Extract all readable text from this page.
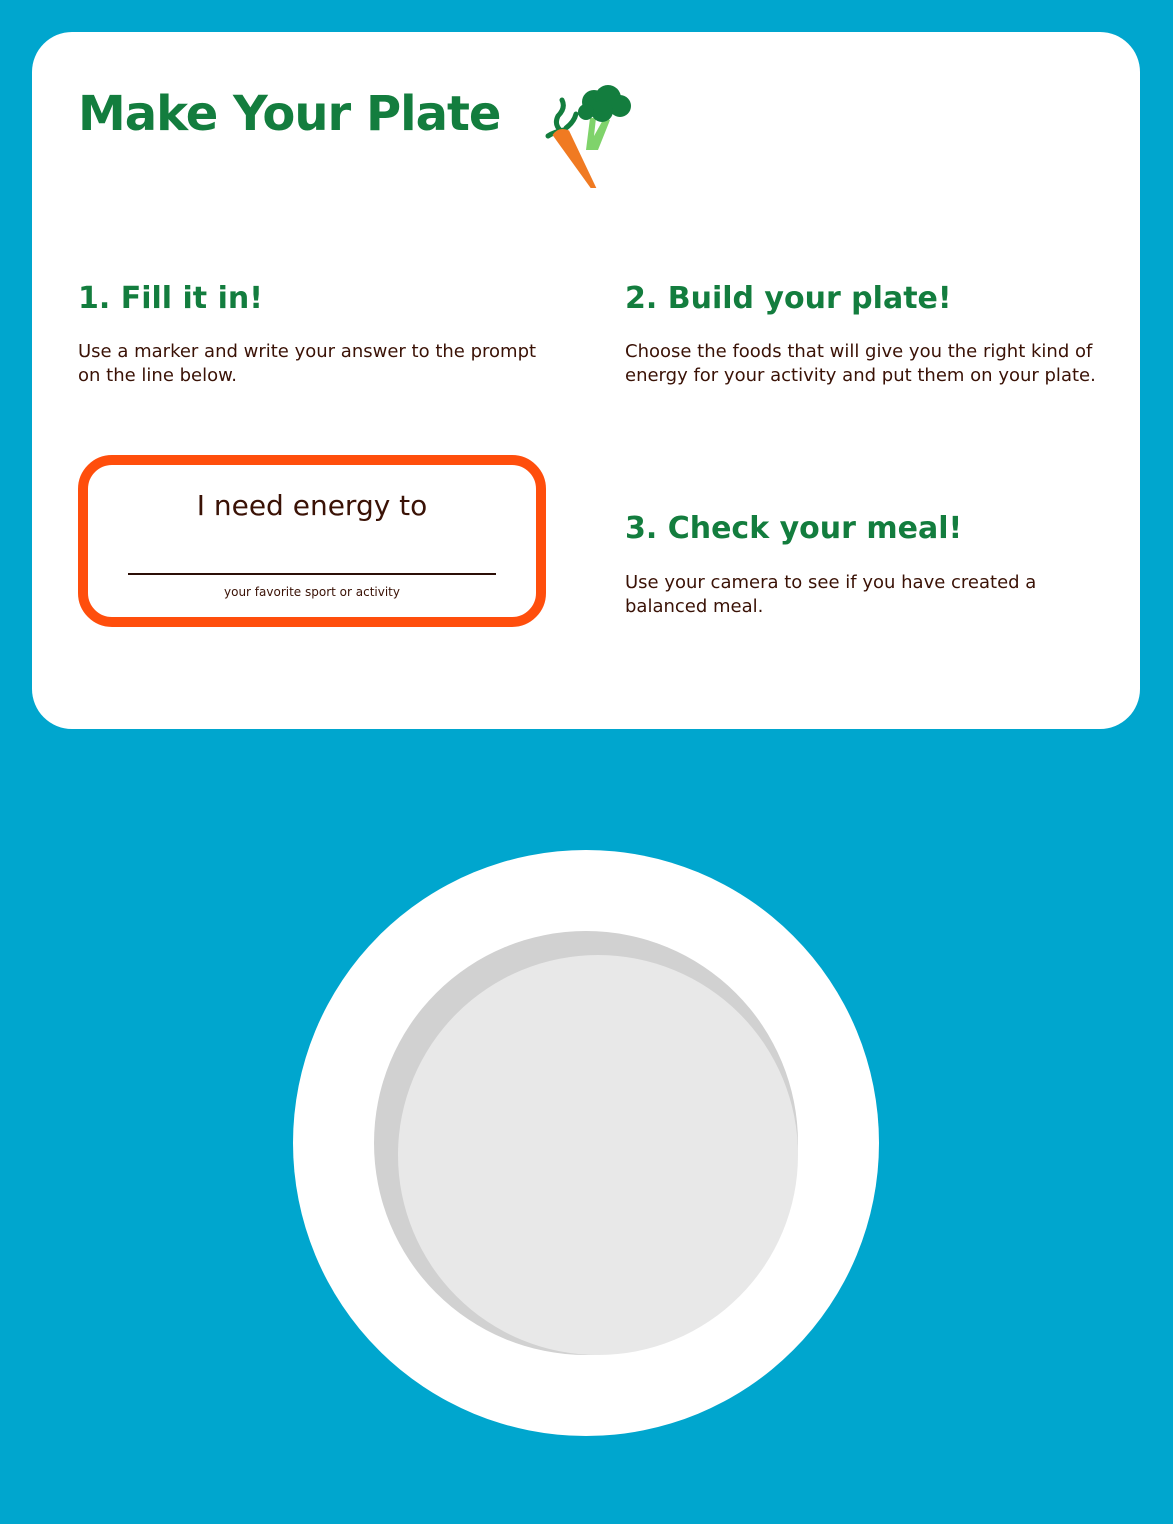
Make Your Plate
1. Fill it in!

Use a marker and write your answer to the prompt on the line below.

2. Build your plate!

Choose the foods that will give you the right kind of energy for your activity and put them on your plate.

3. Check your meal!

Use your camera to see if you have created a balanced meal.

I need energy to
your favorite sport or activity
